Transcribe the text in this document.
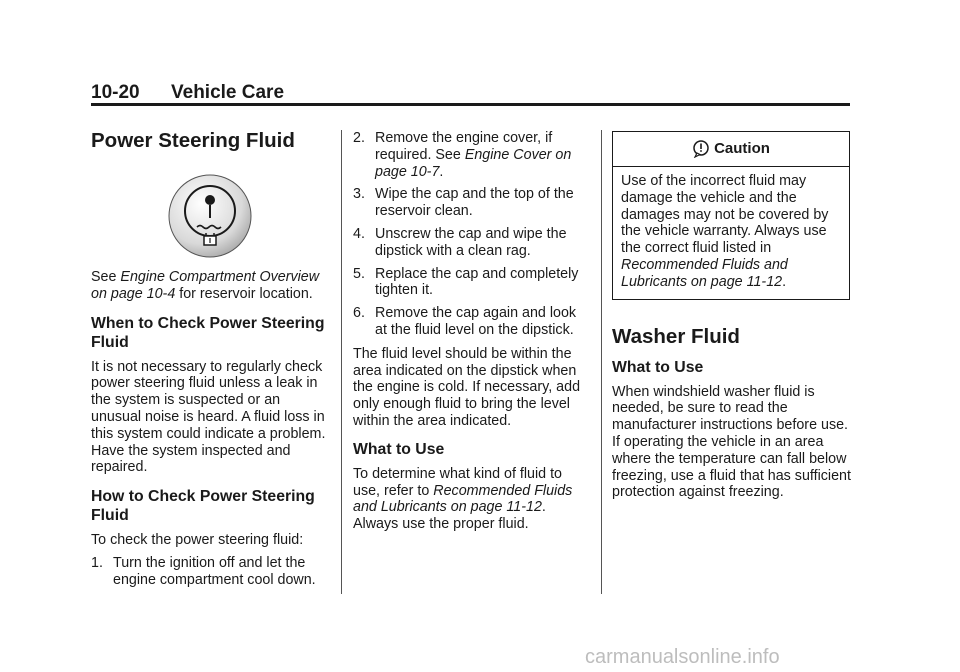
10-20 Vehicle Care
Power Steering Fluid

See Engine Compartment Overview on page 10-4 for reservoir location.

When to Check Power Steering Fluid

It is not necessary to regularly check power steering fluid unless a leak in the system is suspected or an unusual noise is heard. A fluid loss in this system could indicate a problem. Have the system inspected and repaired.

How to Check Power Steering Fluid

To check the power steering fluid:

1. Turn the ignition off and let the engine compartment cool down.
2. Remove the engine cover, if required. See Engine Cover on page 10-7.
3. Wipe the cap and the top of the reservoir clean.
4. Unscrew the cap and wipe the dipstick with a clean rag.
5. Replace the cap and completely tighten it.
6. Remove the cap again and look at the fluid level on the dipstick.

The fluid level should be within the area indicated on the dipstick when the engine is cold. If necessary, add only enough fluid to bring the level within the area indicated.

What to Use

To determine what kind of fluid to use, refer to Recommended Fluids and Lubricants on page 11-12. Always use the proper fluid.

Caution
Use of the incorrect fluid may damage the vehicle and the damages may not be covered by the vehicle warranty. Always use the correct fluid listed in Recommended Fluids and Lubricants on page 11-12.
Washer Fluid
What to Use

When windshield washer fluid is needed, be sure to read the manufacturer instructions before use. If operating the vehicle in an area where the temperature can fall below freezing, use a fluid that has sufficient protection against freezing.

carmanualsonline.info
